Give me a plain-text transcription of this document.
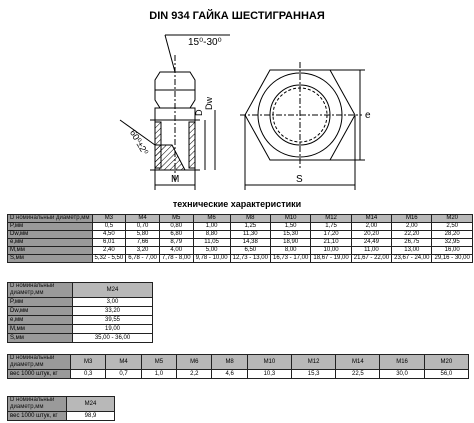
DIN 934 ГАЙКА ШЕСТИГРАННАЯ
15⁰-30⁰
60⁰±2⁰
D
Dw
e
S
M
технические характеристики
D номинальный диаметр,мм	M3	M4	M5	M6	M8	M10	M12	M14	M16	M20
P,мм	0,5	0,70	0,80	1,00	1,25	1,50	1,75	2,00	2,00	2,50
Dw,мм	4,50	5,80	6,80	8,80	11,30	15,30	17,20	20,20	22,20	28,20
e,мм	6,01	7,66	8,79	11,05	14,38	18,90	21,10	24,49	26,75	32,95
M,мм	2,40	3,20	4,00	5,00	6,50	8,00	10,00	11,00	13,00	16,00
S,мм	5,32 - 5,50	6,78 - 7,00	7,78 - 8,00	9,78 - 10,00	12,73 - 13,00	16,73 - 17,00	18,67 - 19,00	21,67 - 22,00	23,67 - 24,00	29,16 - 30,00
D номинальный диаметр,мм	M24
P,мм	3,00
Dw,мм	33,20
e,мм	39,55
M,мм	19,00
S,мм	35,00 - 36,00
D номинальный диаметр,мм	M3	M4	M5	M6	M8	M10	M12	M14	M16	M20
вес 1000 штук, кг	0,3	0,7	1,0	2,2	4,6	10,3	15,3	22,5	30,0	56,0
D номинальный диаметр,мм	M24
вес 1000 штук, кг	98,9
